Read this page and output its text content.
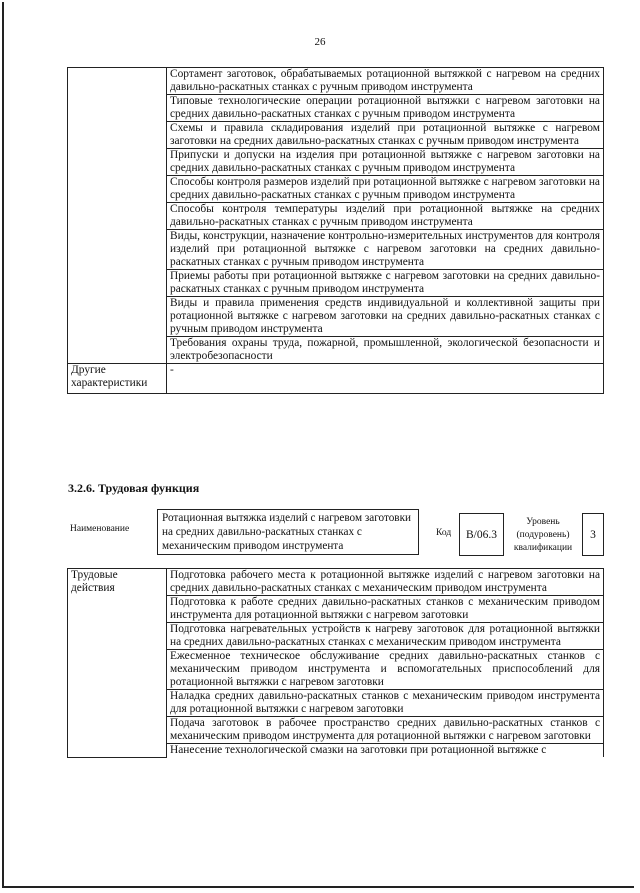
26
	Сортамент заготовок, обрабатываемых ротационной вытяжкой с нагревом на средних давильно-раскатных станках с ручным приводом инструмента
	Типовые технологические операции ротационной вытяжки с нагревом заготовки на средних давильно-раскатных станках с ручным приводом инструмента
	Схемы и правила складирования изделий при ротационной вытяжке с нагревом заготовки на средних давильно-раскатных станках с ручным приводом инструмента
	Припуски и допуски на изделия при ротационной вытяжке с нагревом заготовки на средних давильно-раскатных станках с ручным приводом инструмента
	Способы контроля размеров изделий при ротационной вытяжке с нагревом заготовки на средних давильно-раскатных станках с ручным приводом инструмента
	Способы контроля температуры изделий при ротационной вытяжке на средних давильно-раскатных станках с ручным приводом инструмента
	Виды, конструкции, назначение контрольно-измерительных инструментов для контроля изделий при ротационной вытяжке с нагревом заготовки на средних давильно-раскатных станках с ручным приводом инструмента
	Приемы работы при ротационной вытяжке с нагревом заготовки на средних давильно-раскатных станках с ручным приводом инструмента
	Виды и правила применения средств индивидуальной и коллективной защиты при ротационной вытяжке с нагревом заготовки на средних давильно-раскатных станках с ручным приводом инструмента
	Требования охраны труда, пожарной, промышленной, экологической безопасности и электробезопасности
Другие характеристики	-
3.2.6. Трудовая функция
Наименование
Ротационная вытяжка изделий с нагревом заготовки на средних давильно-раскатных станках с механическим приводом инструмента
Код	B/06.3
Уровень (подуровень) квалификации
3
Трудовые действия	Подготовка рабочего места к ротационной вытяжке изделий с нагревом заготовки на средних давильно-раскатных станках с механическим приводом инструмента
Подготовка к работе средних давильно-раскатных станков с механическим приводом инструмента для ротационной вытяжки с нагревом заготовки
Подготовка нагревательных устройств к нагреву заготовок для ротационной вытяжки на средних давильно-раскатных станках с механическим приводом инструмента
Ежесменное техническое обслуживание средних давильно-раскатных станков с механическим приводом инструмента и вспомогательных приспособлений для ротационной вытяжки с нагревом заготовки
Наладка средних давильно-раскатных станков с механическим приводом инструмента для ротационной вытяжки с нагревом заготовки
Подача заготовок в рабочее пространство средних давильно-раскатных станков с механическим приводом инструмента для ротационной вытяжки с нагревом заготовки
Нанесение технологической смазки на заготовки при ротационной вытяжке с
